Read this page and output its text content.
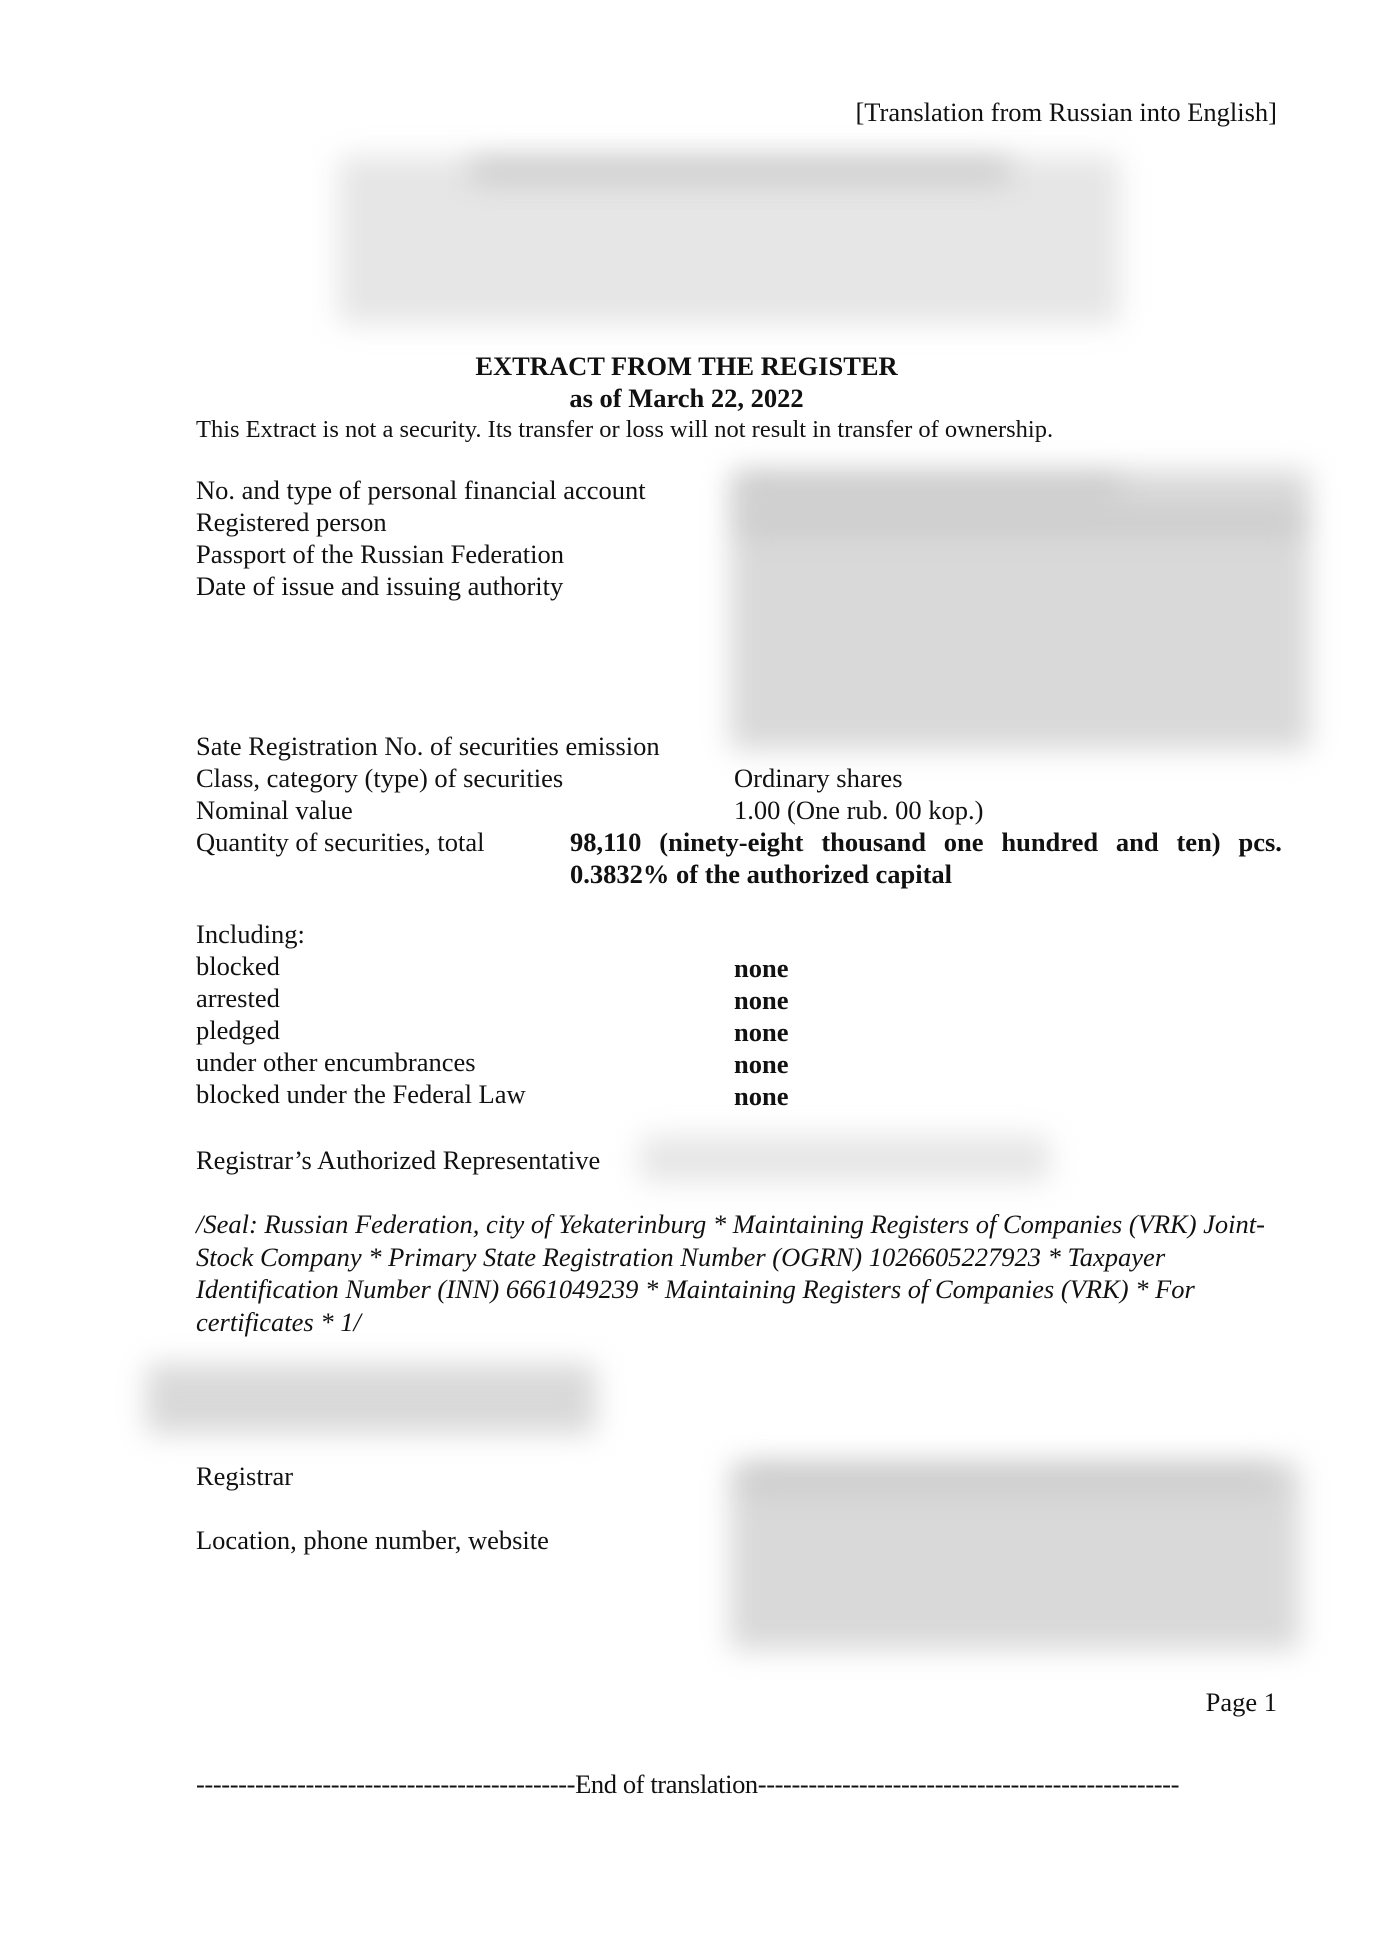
[Translation from Russian into English]
EXTRACT FROM THE REGISTER
as of March 22, 2022
This Extract is not a security. Its transfer or loss will not result in transfer of ownership.
No. and type of personal financial account
Registered person
Passport of the Russian Federation
Date of issue and issuing authority
Sate Registration No. of securities emission
Class, category (type) of securities	Ordinary shares
Nominal value	1.00 (One rub. 00 kop.)
Quantity of securities, total	98,110 (ninety-eight thousand one hundred and ten) pcs.
0.3832% of the authorized capital
Including:
blocked	none
arrested	none
pledged	none
under other encumbrances	none
blocked under the Federal Law	none
Registrar’s Authorized Representative
/Seal: Russian Federation, city of Yekaterinburg * Maintaining Registers of Companies (VRK) Joint-Stock Company * Primary State Registration Number (OGRN) 1026605227923 * Taxpayer Identification Number (INN) 6661049239 * Maintaining Registers of Companies (VRK) * For certificates * 1/
Registrar
Location, phone number, website
Page 1
---------------------------------------------End of translation--------------------------------------------------
